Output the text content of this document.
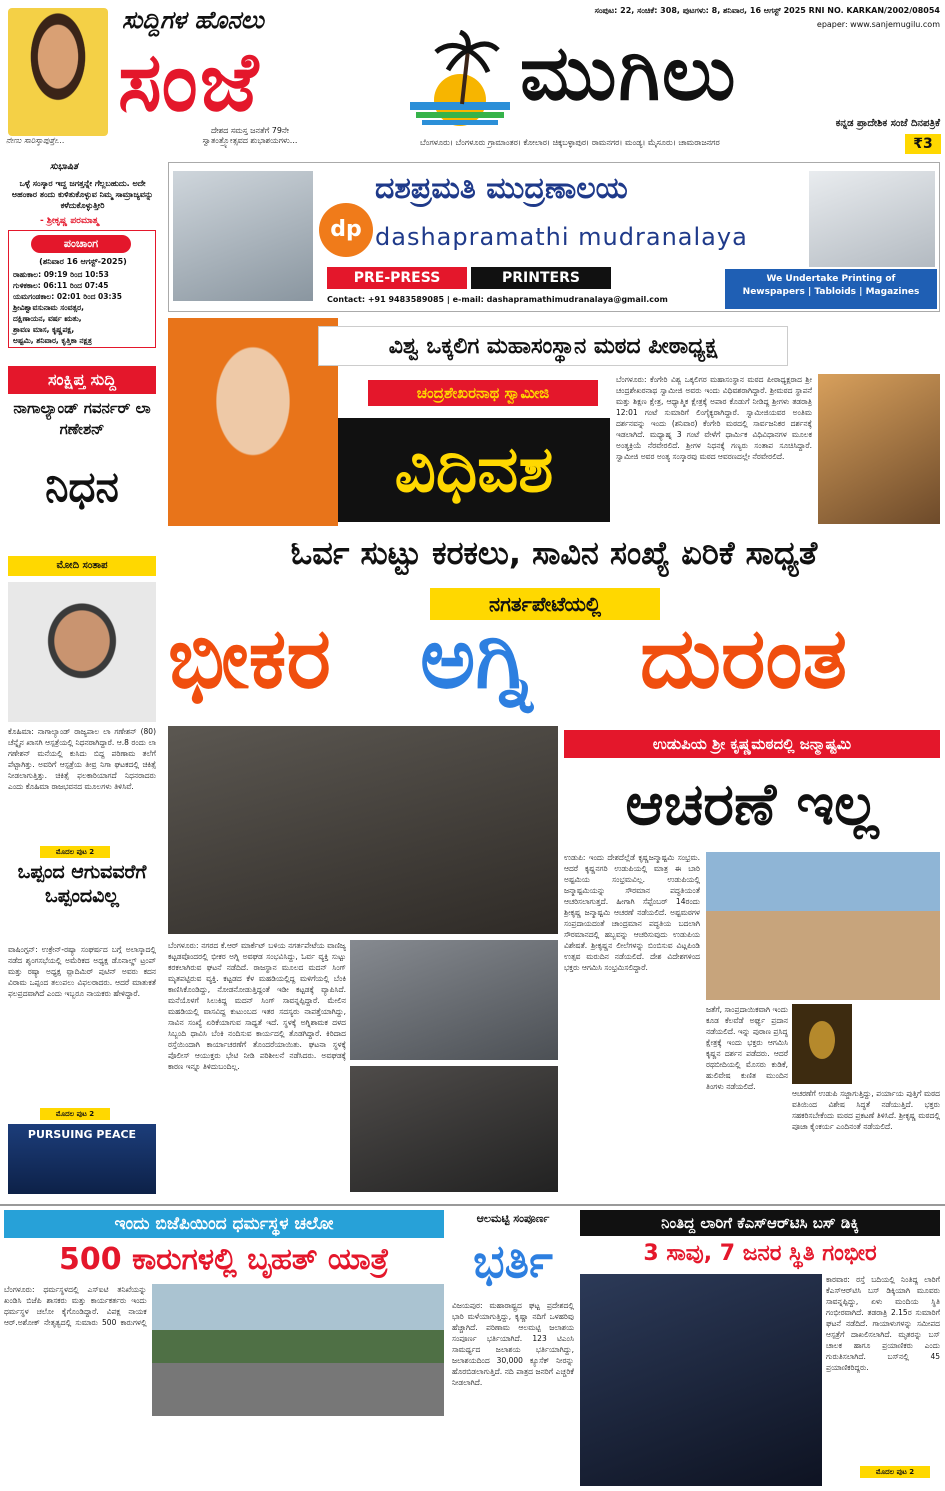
ನೇಣು ಸಾರಿಸ್ಕಾಪುತ್ತೇ...
ಸುದ್ದಿಗಳ ಹೊನಲು
ಸಂಜೆ
ದೇಶದ ಸಮಸ್ತ ಜನತೆಗೆ 79ನೇ ಸ್ವಾತಂತ್ರ್ಯೋತ್ಸವದ ಶುಭಾಶಯಗಳು...
ಸಂಪುಟ: 22, ಸಂಚಿಕೆ: 308, ಪುಟಗಳು: 8, ಶನಿವಾರ, 16 ಆಗಸ್ಟ್ 2025 RNI NO. KARKAN/2002/08054
epaper: www.sanjemugilu.com
ಮುಗಿಲು
ಕನ್ನಡ ಪ್ರಾದೇಶಿಕ ಸಂಜೆ ದಿನಪತ್ರಿಕೆ
ಬೆಂಗಳೂರು। ಬೆಂಗಳೂರು ಗ್ರಾಮಾಂತರ। ಕೋಲಾರ। ಚಿಕ್ಕಬಳ್ಳಾಪುರ। ರಾಮನಗರ। ಮಂಡ್ಯ। ಮೈಸೂರು। ಚಾಮರಾಜನಗರ	₹3
ಸುಭಾಷಿತ
ಒಳ್ಳೆ ಸಂಸ್ಕಾರ ಇದ್ದ ಜಗತ್ತನ್ನೇ ಗೆಲ್ಲಬಹುದು. ಅದೇ ಅಹಂಕಾರ ತಂದು ಕುಳಿತುಕೊಳ್ಳುವ ನಿಮ್ಮ ಸಾಮ್ರಾಜ್ಯವನ್ನು ಕಳೆದುಕೊಳ್ಳುತ್ತೀರಿ
- ಶ್ರೀಕೃಷ್ಣ ಪರಮಾತ್ಮ
ಪಂಚಾಂಗ
(ಶನಿವಾರ 16 ಆಗಸ್ಟ್-2025)
ರಾಹುಕಾಲ: 09:19 ರಿಂದ 10:53
ಗುಳಿಕಕಾಲ: 06:11 ರಿಂದ 07:45
ಯಮಗಂಡಕಾಲ: 02:01 ರಿಂದ 03:35
ಶ್ರೀವಿಶ್ವಾವಸುನಾಮ ಸಂವತ್ಸರ,
ದಕ್ಷಿಣಾಯನ, ವರ್ಷ ಋತು,
ಶ್ರಾವಣ ಮಾಸ, ಕೃಷ್ಣಪಕ್ಷ,
ಅಷ್ಟಮಿ, ಶನಿವಾರ, ಕೃತ್ತಿಕಾ ನಕ್ಷತ್ರ
ಸಂಕ್ಷಿಪ್ತ ಸುದ್ದಿ
ನಾಗಾಲ್ಯಾಂಡ್ ಗವರ್ನರ್ ಲಾ ಗಣೇಶನ್
ನಿಧನ
ಮೋದಿ ಸಂತಾಪ
ಕೊಹಿಮಾ: ನಾಗಾಲ್ಯಾಂಡ್ ರಾಜ್ಯಪಾಲ ಲಾ ಗಣೇಶನ್ (80) ಚೆನ್ನೈನ ಖಾಸಗಿ ಆಸ್ಪತ್ರೆಯಲ್ಲಿ ನಿಧನರಾಗಿದ್ದಾರೆ. ಆ.8 ರಂದು ಲಾ ಗಣೇಶನ್ ಮನೆಯಲ್ಲಿ ಕುಸಿದು ಬಿದ್ದ ಪರಿಣಾಮ ತಲೆಗೆ ಪೆಟ್ಟಾಗಿತ್ತು. ಅವರಿಗೆ ಆಸ್ಪತ್ರೆಯ ತೀವ್ರ ನಿಗಾ ಘಟಕದಲ್ಲಿ ಚಿಕಿತ್ಸೆ ನೀಡಲಾಗುತ್ತಿತ್ತು. ಚಿಕಿತ್ಸೆ ಫಲಕಾರಿಯಾಗದೆ ನಿಧನರಾದರು ಎಂದು ಕೊಹಿಮಾ ರಾಜಭವನದ ಮೂಲಗಳು ತಿಳಿಸಿವೆ.
ಮೊದಲ ಪುಟ 2
ಒಪ್ಪಂದ ಆಗುವವರೆಗೆ ಒಪ್ಪಂದವಿಲ್ಲ
ವಾಷಿಂಗ್ಟನ್: ಉಕ್ರೇನ್-ರಷ್ಯಾ ಸಂಘರ್ಷದ ಬಗ್ಗೆ ಅಲಾಸ್ಕಾದಲ್ಲಿ ನಡೆದ ಶೃಂಗಸಭೆಯಲ್ಲಿ ಅಮೆರಿಕದ ಅಧ್ಯಕ್ಷ ಡೊನಾಲ್ಡ್ ಟ್ರಂಪ್ ಮತ್ತು ರಷ್ಯಾ ಅಧ್ಯಕ್ಷ ವ್ಲಾದಿಮಿರ್ ಪುಟಿನ್ ಅವರು ಕದನ ವಿರಾಮ ಒಪ್ಪಂದ ತಲುಪಲು ವಿಫಲರಾದರು. ಆದರೆ ಮಾತುಕತೆ ಫಲಪ್ರದವಾಗಿದೆ ಎಂದು ಇಬ್ಬರೂ ನಾಯಕರು ಹೇಳಿದ್ದಾರೆ.
ಮೊದಲ ಪುಟ 2
PURSUING PEACE
dp
ದಶಪ್ರಮತಿ ಮುದ್ರಣಾಲಯ
dashapramathi mudranalaya
PRE-PRESS	PRINTERS
Contact: +91 9483589085 | e-mail: dashapramathimudranalaya@gmail.com
We Undertake Printing of
Newspapers | Tabloids | Magazines
ವಿಶ್ವ ಒಕ್ಕಲಿಗ ಮಹಾಸಂಸ್ಥಾನ ಮಠದ ಪೀಠಾಧ್ಯಕ್ಷ
ಚಂದ್ರಶೇಖರನಾಥ ಸ್ವಾಮೀಜಿ
ವಿಧಿವಶ
ಬೆಂಗಳೂರು: ಕೆಂಗೇರಿ ವಿಶ್ವ ಒಕ್ಕಲಿಗರ ಮಹಾಸಂಸ್ಥಾನ ಮಠದ ಪೀಠಾಧ್ಯಕ್ಷರಾದ ಶ್ರೀ ಚಂದ್ರಶೇಖರನಾಥ ಸ್ವಾಮೀಜಿ ಅವರು ಇಂದು ವಿಧಿವಶರಾಗಿದ್ದಾರೆ. ಶ್ರೀಮಠದ ಸ್ಥಾಪನೆ ಮತ್ತು ಶಿಕ್ಷಣ ಕ್ಷೇತ್ರ, ಆಧ್ಯಾತ್ಮಿಕ ಕ್ಷೇತ್ರಕ್ಕೆ ಅಪಾರ ಕೊಡುಗೆ ನೀಡಿದ್ದ ಶ್ರೀಗಳು ತಡರಾತ್ರಿ 12:01 ಗಂಟೆ ಸುಮಾರಿಗೆ ಲಿಂಗೈಕ್ಯರಾಗಿದ್ದಾರೆ. ಸ್ವಾಮೀಜಿಯವರ ಅಂತಿಮ ದರ್ಶನವನ್ನು ಇಂದು (ಶನಿವಾರ) ಕೆಂಗೇರಿ ಮಠದಲ್ಲಿ ಸಾರ್ವಜನಿಕರ ದರ್ಶನಕ್ಕೆ ಇಡಲಾಗಿದೆ. ಮಧ್ಯಾಹ್ನ 3 ಗಂಟೆ ವೇಳೆಗೆ ಧಾರ್ಮಿಕ ವಿಧಿವಿಧಾನಗಳ ಮೂಲಕ ಅಂತ್ಯಕ್ರಿಯೆ ನೆರವೇರಲಿದೆ. ಶ್ರೀಗಳ ನಿಧನಕ್ಕೆ ಗಣ್ಯರು ಸಂತಾಪ ಸೂಚಿಸಿದ್ದಾರೆ. ಸ್ವಾಮೀಜಿ ಅವರ ಅಂತ್ಯ ಸಂಸ್ಕಾರವು ಮಠದ ಆವರಣದಲ್ಲೇ ನೆರವೇರಲಿದೆ.
ಓರ್ವ ಸುಟ್ಟು ಕರಕಲು, ಸಾವಿನ ಸಂಖ್ಯೆ ಏರಿಕೆ ಸಾಧ್ಯತೆ
ನಗರ್ತಪೇಟೆಯಲ್ಲಿ
ಭೀಕರ ಅಗ್ನಿ ದುರಂತ
ಬೆಂಗಳೂರು: ನಗರದ ಕೆ.ಆರ್ ಮಾರ್ಕೆಟ್ ಬಳಿಯ ನಗರ್ತಪೇಟೆಯ ವಾಣಿಜ್ಯ ಕಟ್ಟಡವೊಂದರಲ್ಲಿ ಭೀಕರ ಅಗ್ನಿ ಅವಘಡ ಸಂಭವಿಸಿದ್ದು, ಓರ್ವ ವ್ಯಕ್ತಿ ಸುಟ್ಟು ಕರಕಲಾಗಿರುವ ಘಟನೆ ನಡೆದಿದೆ. ರಾಜಸ್ಥಾನ ಮೂಲದ ಮದನ್ ಸಿಂಗ್ ಮೃತಪಟ್ಟಿರುವ ವ್ಯಕ್ತಿ. ಕಟ್ಟಡದ ಕೆಳ ಮಹಡಿಯಲ್ಲಿದ್ದ ಮಳಿಗೆಯಲ್ಲಿ ಬೆಂಕಿ ಕಾಣಿಸಿಕೊಂಡಿದ್ದು, ನೋಡನೋಡುತ್ತಿದ್ದಂತೆ ಇಡೀ ಕಟ್ಟಡಕ್ಕೆ ವ್ಯಾಪಿಸಿದೆ. ಮನೆಯೊಳಗೆ ಸಿಲುಕಿದ್ದ ಮದನ್ ಸಿಂಗ್ ಸಾವನ್ನಪ್ಪಿದ್ದಾರೆ. ಮೇಲಿನ ಮಹಡಿಯಲ್ಲಿ ವಾಸವಿದ್ದ ಕುಟುಂಬದ ಇತರ ಸದಸ್ಯರು ನಾಪತ್ತೆಯಾಗಿದ್ದು, ಸಾವಿನ ಸಂಖ್ಯೆ ಏರಿಕೆಯಾಗುವ ಸಾಧ್ಯತೆ ಇದೆ. ಸ್ಥಳಕ್ಕೆ ಅಗ್ನಿಶಾಮಕ ದಳದ ಸಿಬ್ಬಂದಿ ಧಾವಿಸಿ ಬೆಂಕಿ ನಂದಿಸುವ ಕಾರ್ಯದಲ್ಲಿ ತೊಡಗಿದ್ದಾರೆ. ಕಿರಿದಾದ ರಸ್ತೆಯಿಂದಾಗಿ ಕಾರ್ಯಾಚರಣೆಗೆ ತೊಂದರೆಯಾಯಿತು. ಘಟನಾ ಸ್ಥಳಕ್ಕೆ ಪೊಲೀಸ್ ಆಯುಕ್ತರು ಭೇಟಿ ನೀಡಿ ಪರಿಶೀಲನೆ ನಡೆಸಿದರು. ಅವಘಡಕ್ಕೆ ಕಾರಣ ಇನ್ನೂ ತಿಳಿದುಬಂದಿಲ್ಲ.
ಉಡುಪಿಯ ಶ್ರೀ ಕೃಷ್ಣಮಠದಲ್ಲಿ ಜನ್ಮಾಷ್ಟಮಿ
ಆಚರಣೆ ಇಲ್ಲ
ಉಡುಪಿ: ಇಂದು ದೇಶದೆಲ್ಲೆಡೆ ಕೃಷ್ಣಜನ್ಮಾಷ್ಟಮಿ ಸಂಭ್ರಮ. ಆದರೆ ಕೃಷ್ಣನಗರಿ ಉಡುಪಿಯಲ್ಲಿ ಮಾತ್ರ ಈ ಬಾರಿ ಅಷ್ಟಮಿಯ ಸಂಭ್ರಮವಿಲ್ಲ. ಉಡುಪಿಯಲ್ಲಿ ಜನ್ಮಾಷ್ಟಮಿಯನ್ನು ಸೌರಮಾನ ಪದ್ಧತಿಯಂತೆ ಆಚರಿಸಲಾಗುತ್ತದೆ. ಹೀಗಾಗಿ ಸೆಪ್ಟೆಂಬರ್ 14ರಂದು ಶ್ರೀಕೃಷ್ಣ ಜನ್ಮಾಷ್ಟಮಿ ಆಚರಣೆ ನಡೆಯಲಿದೆ. ಅಷ್ಟಮಠಗಳ ಸಂಪ್ರದಾಯದಂತೆ ಚಾಂದ್ರಮಾನ ಪದ್ಧತಿಯ ಬದಲಾಗಿ ಸೌರಮಾನದಲ್ಲಿ ಹಬ್ಬವನ್ನು ಆಚರಿಸುವುದು ಉಡುಪಿಯ ವಿಶೇಷತೆ. ಶ್ರೀಕೃಷ್ಣನ ಲೀಲೆಗಳನ್ನು ಬಿಂಬಿಸುವ ವಿಟ್ಲಪಿಂಡಿ ಉತ್ಸವ ಮರುದಿನ ನಡೆಯಲಿದೆ. ದೇಶ ವಿದೇಶಗಳಿಂದ ಭಕ್ತರು ಆಗಮಿಸಿ ಸಂಭ್ರಮಿಸಲಿದ್ದಾರೆ.
ಜತೆಗೆ, ಸಾಂಪ್ರದಾಯಿಕವಾಗಿ ಇಂದು ಕೂಡ ಕೆಲವೆಡೆ ಅರ್ಘ್ಯ ಪ್ರದಾನ ನಡೆಯಲಿದೆ. ಇನ್ನು ಪುರಾಣ ಪ್ರಸಿದ್ಧ ಕ್ಷೇತ್ರಕ್ಕೆ ಇಂದು ಭಕ್ತರು ಆಗಮಿಸಿ ಕೃಷ್ಣನ ದರ್ಶನ ಪಡೆದರು. ಆದರೆ ರಥಬೀದಿಯಲ್ಲಿ ಮೊಸರು ಕುಡಿಕೆ, ಹುಲಿವೇಷ ಕುಣಿತ ಮುಂದಿನ ತಿಂಗಳು ನಡೆಯಲಿದೆ.
ಆಚರಣೆಗೆ ಉಡುಪಿ ಸಜ್ಜಾಗುತ್ತಿದ್ದು, ಪರ್ಯಾಯ ಪುತ್ತಿಗೆ ಮಠದ ವತಿಯಿಂದ ವಿಶೇಷ ಸಿದ್ಧತೆ ನಡೆಯುತ್ತಿದೆ. ಭಕ್ತರು ಸಹಕರಿಸಬೇಕೆಂದು ಮಠದ ಪ್ರಕಟಣೆ ತಿಳಿಸಿದೆ. ಶ್ರೀಕೃಷ್ಣ ಮಠದಲ್ಲಿ ಪೂಜಾ ಕೈಂಕರ್ಯ ಎಂದಿನಂತೆ ನಡೆಯಲಿದೆ.
ಇಂದು ಬಿಜೆಪಿಯಿಂದ ಧರ್ಮಸ್ಥಳ ಚಲೋ
500 ಕಾರುಗಳಲ್ಲಿ ಬೃಹತ್ ಯಾತ್ರೆ
ಬೆಂಗಳೂರು: ಧರ್ಮಸ್ಥಳದಲ್ಲಿ ಎಸ್‌ಐಟಿ ತನಿಖೆಯನ್ನು ಖಂಡಿಸಿ ಬಿಜೆಪಿ ಶಾಸಕರು ಮತ್ತು ಕಾರ್ಯಕರ್ತರು ಇಂದು ಧರ್ಮಸ್ಥಳ ಚಲೋ ಕೈಗೊಂಡಿದ್ದಾರೆ. ವಿಪಕ್ಷ ನಾಯಕ ಆರ್.ಅಶೋಕ್ ನೇತೃತ್ವದಲ್ಲಿ ಸುಮಾರು 500 ಕಾರುಗಳಲ್ಲಿ
ಆಲಮಟ್ಟಿ ಸಂಪೂರ್ಣ
ಭರ್ತಿ
ವಿಜಯಪುರ: ಮಹಾರಾಷ್ಟ್ರದ ಘಟ್ಟ ಪ್ರದೇಶದಲ್ಲಿ ಭಾರಿ ಮಳೆಯಾಗುತ್ತಿದ್ದು, ಕೃಷ್ಣಾ ನದಿಗೆ ಒಳಹರಿವು ಹೆಚ್ಚಾಗಿದೆ. ಪರಿಣಾಮ ಆಲಮಟ್ಟಿ ಜಲಾಶಯ ಸಂಪೂರ್ಣ ಭರ್ತಿಯಾಗಿದೆ. 123 ಟಿಎಂಸಿ ಸಾಮರ್ಥ್ಯದ ಜಲಾಶಯ ಭರ್ತಿಯಾಗಿದ್ದು, ಜಲಾಶಯದಿಂದ 30,000 ಕ್ಯೂಸೆಕ್ ನೀರನ್ನು ಹೊರಬಿಡಲಾಗುತ್ತಿದೆ. ನದಿ ಪಾತ್ರದ ಜನರಿಗೆ ಎಚ್ಚರಿಕೆ ನೀಡಲಾಗಿದೆ.
ನಿಂತಿದ್ದ ಲಾರಿಗೆ ಕೆಎಸ್‌ಆರ್‌ಟಿಸಿ ಬಸ್ ಡಿಕ್ಕಿ
3 ಸಾವು, 7 ಜನರ ಸ್ಥಿತಿ ಗಂಭೀರ
ಕಾರವಾರ: ರಸ್ತೆ ಬದಿಯಲ್ಲಿ ನಿಂತಿದ್ದ ಲಾರಿಗೆ ಕೆಎಸ್‌ಆರ್‌ಟಿಸಿ ಬಸ್ ಡಿಕ್ಕಿಯಾಗಿ ಮೂವರು ಸಾವನ್ನಪ್ಪಿದ್ದು, ಏಳು ಮಂದಿಯ ಸ್ಥಿತಿ ಗಂಭೀರವಾಗಿದೆ. ತಡರಾತ್ರಿ 2.15ರ ಸುಮಾರಿಗೆ ಘಟನೆ ನಡೆದಿದೆ. ಗಾಯಾಳುಗಳನ್ನು ಸಮೀಪದ ಆಸ್ಪತ್ರೆಗೆ ದಾಖಲಿಸಲಾಗಿದೆ. ಮೃತರನ್ನು ಬಸ್ ಚಾಲಕ ಹಾಗೂ ಪ್ರಯಾಣಿಕರು ಎಂದು ಗುರುತಿಸಲಾಗಿದೆ. ಬಸ್‌ನಲ್ಲಿ 45 ಪ್ರಯಾಣಿಕರಿದ್ದರು.
ಮೊದಲ ಪುಟ 2
